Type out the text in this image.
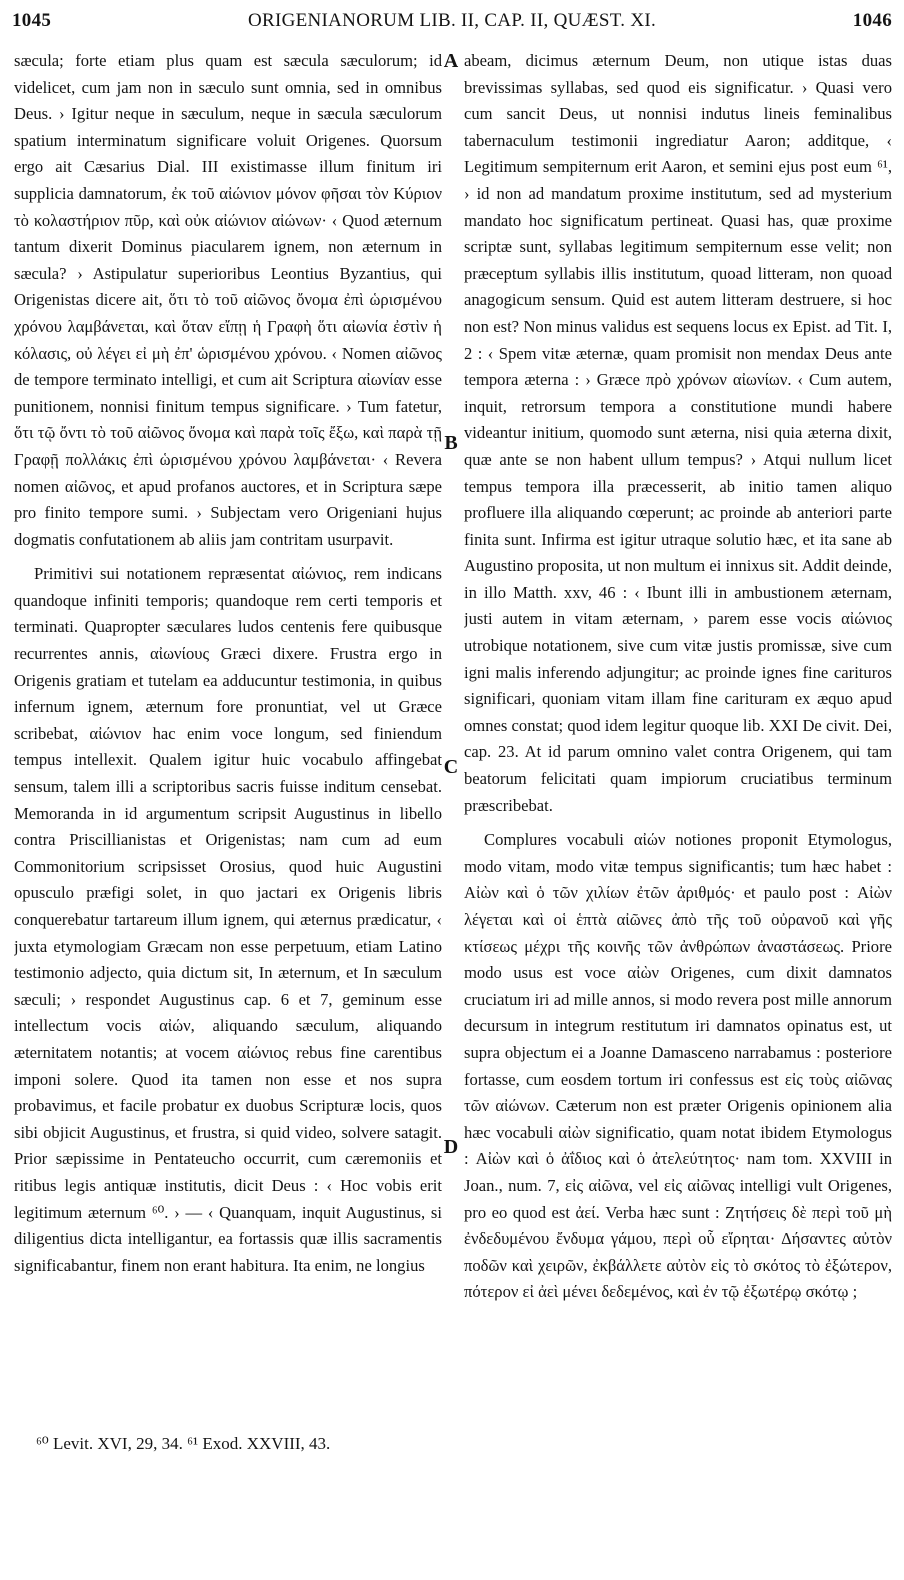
1045	ORIGENIANORUM LIB. II, CAP. II, QUÆST. XI.	1046

sæcula; forte etiam plus quam est sæcula sæculorum; id videlicet, cum jam non in sæculo sunt omnia, sed in omnibus Deus. › Igitur neque in sæculum, neque in sæcula sæculorum spatium interminatum significare voluit Origenes. Quorsum ergo ait Cæsarius Dial. III existimasse illum finitum iri supplicia damnatorum, ἐκ τοῦ αἰώνιον μόνον φῆσαι τὸν Κύριον τὸ κολαστήριον πῦρ, καὶ οὐκ αἰώνιον αἰώνων· ‹ Quod æternum tantum dixerit Dominus piacularem ignem, non æternum in sæcula? › Astipulatur superioribus Leontius Byzantius, qui Origenistas dicere ait, ὅτι τὸ τοῦ αἰῶνος ὄνομα ἐπὶ ὡρισμένου χρόνου λαμβάνεται, καὶ ὅταν εἴπῃ ἡ Γραφὴ ὅτι αἰωνία ἐστὶν ἡ κόλασις, οὐ λέγει εἰ μὴ ἐπ' ὡρισμένου χρόνου. ‹ Nomen αἰῶνος de tempore terminato intelligi, et cum ait Scriptura αἰωνίαν esse punitionem, nonnisi finitum tempus significare. › Tum fatetur, ὅτι τῷ ὄντι τὸ τοῦ αἰῶνος ὄνομα καὶ παρὰ τοῖς ἔξω, καὶ παρὰ τῇ Γραφῇ πολλάκις ἐπὶ ὡρισμένου χρόνου λαμβάνεται· ‹ Revera nomen αἰῶνος, et apud profanos auctores, et in Scriptura sæpe pro finito tempore sumi. › Subjectam vero Origeniani hujus dogmatis confutationem ab aliis jam contritam usurpavit.

Primitivi sui notationem repræsentat αἰώνιος, rem indicans quandoque infiniti temporis; quandoque rem certi temporis et terminati. Quapropter sæculares ludos centenis fere quibusque recurrentes annis, αἰωνίους Græci dixere. Frustra ergo in Origenis gratiam et tutelam ea adducuntur testimonia, in quibus infernum ignem, æternum fore pronuntiat, vel ut Græce scribebat, αἰώνιον hac enim voce longum, sed finiendum tempus intellexit. Qualem igitur huic vocabulo affingebat sensum, talem illi a scriptoribus sacris fuisse inditum censebat. Memoranda in id argumentum scripsit Augustinus in libello contra Priscillianistas et Origenistas; nam cum ad eum Commonitorium scripsisset Orosius, quod huic Augustini opusculo præfigi solet, in quo jactari ex Origenis libris conquerebatur tartareum illum ignem, qui æternus prædicatur, ‹ juxta etymologiam Græcam non esse perpetuum, etiam Latino testimonio adjecto, quia dictum sit, In æternum, et In sæculum sæculi; › respondet Augustinus cap. 6 et 7, geminum esse intellectum vocis αἰών, aliquando sæculum, aliquando æternitatem notantis; at vocem αἰώνιος rebus fine carentibus imponi solere. Quod ita tamen non esse et nos supra probavimus, et facile probatur ex duobus Scripturæ locis, quos sibi objicit Augustinus, et frustra, si quid video, solvere satagit. Prior sæpissime in Pentateucho occurrit, cum cæremoniis et ritibus legis antiquæ institutis, dicit Deus : ‹ Hoc vobis erit legitimum æternum ⁶⁰. › — ‹ Quanquam, inquit Augustinus, si diligentius dicta intelligantur, ea fortassis quæ illis sacramentis significabantur, finem non erant habitura. Ita enim, ne longius

A
B
C
D

abeam, dicimus æternum Deum, non utique istas duas brevissimas syllabas, sed quod eis significatur. › Quasi vero cum sancit Deus, ut nonnisi indutus lineis feminalibus tabernaculum testimonii ingrediatur Aaron; additque, ‹ Legitimum sempiternum erit Aaron, et semini ejus post eum ⁶¹, › id non ad mandatum proxime institutum, sed ad mysterium mandato hoc significatum pertineat. Quasi has, quæ proxime scriptæ sunt, syllabas legitimum sempiternum esse velit; non præceptum syllabis illis institutum, quoad litteram, non quoad anagogicum sensum. Quid est autem litteram destruere, si hoc non est? Non minus validus est sequens locus ex Epist. ad Tit. I, 2 : ‹ Spem vitæ æternæ, quam promisit non mendax Deus ante tempora æterna : › Græce πρὸ χρόνων αἰωνίων. ‹ Cum autem, inquit, retrorsum tempora a constitutione mundi habere videantur initium, quomodo sunt æterna, nisi quia æterna dixit, quæ ante se non habent ullum tempus? › Atqui nullum licet tempus tempora illa præcesserit, ab initio tamen aliquo profluere illa aliquando cœperunt; ac proinde ab anteriori parte finita sunt. Infirma est igitur utraque solutio hæc, et ita sane ab Augustino proposita, ut non multum ei innixus sit. Addit deinde, in illo Matth. xxv, 46 : ‹ Ibunt illi in ambustionem æternam, justi autem in vitam æternam, › parem esse vocis αἰώνιος utrobique notationem, sive cum vitæ justis promissæ, sive cum igni malis inferendo adjungitur; ac proinde ignes fine carituros significari, quoniam vitam illam fine carituram ex æquo apud omnes constat; quod idem legitur quoque lib. XXI De civit. Dei, cap. 23. At id parum omnino valet contra Origenem, qui tam beatorum felicitati quam impiorum cruciatibus terminum præscribebat.

Complures vocabuli αἰών notiones proponit Etymologus, modo vitam, modo vitæ tempus significantis; tum hæc habet : Αἰὼν καὶ ὁ τῶν χιλίων ἐτῶν ἀριθμός· et paulo post : Αἰὼν λέγεται καὶ οἱ ἑπτὰ αἰῶνες ἀπὸ τῆς τοῦ οὐρανοῦ καὶ γῆς κτίσεως μέχρι τῆς κοινῆς τῶν ἀνθρώπων ἀναστάσεως. Priore modo usus est voce αἰὼν Origenes, cum dixit damnatos cruciatum iri ad mille annos, si modo revera post mille annorum decursum in integrum restitutum iri damnatos opinatus est, ut supra objectum ei a Joanne Damasceno narrabamus : posteriore fortasse, cum eosdem tortum iri confessus est εἰς τοὺς αἰῶνας τῶν αἰώνων. Cæterum non est præter Origenis opinionem alia hæc vocabuli αἰὼν significatio, quam notat ibidem Etymologus : Αἰὼν καὶ ὁ ἀΐδιος καὶ ὁ ἀτελεύτητος· nam tom. XXVIII in Joan., num. 7, εἰς αἰῶνα, vel εἰς αἰῶνας intelligi vult Origenes, pro eo quod est ἀεί. Verba hæc sunt : Ζητήσεις δὲ περὶ τοῦ μὴ ἐνδεδυμένου ἔνδυμα γάμου, περὶ οὗ εἴρηται· Δήσαντες αὐτὸν ποδῶν καὶ χειρῶν, ἐκβάλλετε αὐτὸν εἰς τὸ σκότος τὸ ἐξώτερον, πότερον εἰ ἀεὶ μένει δεδεμένος, καὶ ἐν τῷ ἐξωτέρῳ σκότῳ ;

⁶⁰ Levit. XVI, 29, 34. ⁶¹ Exod. XXVIII, 43.
